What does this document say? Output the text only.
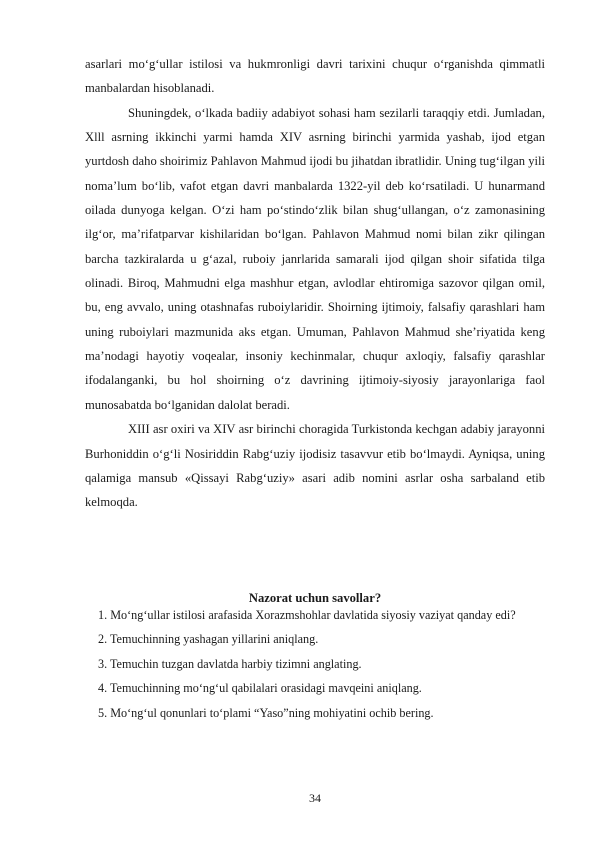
asarlari mo‘g‘ullar istilosi va hukmronligi davri tarixini chuqur o‘rganishda qimmatli manbalardan hisoblanadi.

Shuningdek, o‘lkada badiiy adabiyot sohasi ham sezilarli taraqqiy etdi. Jumladan, Xlll asrning ikkinchi yarmi hamda XIV asrning birinchi yarmida yashab, ijod etgan yurtdosh daho shoirimiz Pahlavon Mahmud ijodi bu jihatdan ibratlidir. Uning tug‘ilgan yili noma’lum bo‘lib, vafot etgan davri manbalarda 1322-yil deb ko‘rsatiladi. U hunarmand oilada dunyoga kelgan. O‘zi ham po‘stindo‘zlik bilan shug‘ullangan, o‘z zamonasining ilg‘or, ma’rifatparvar kishilaridan bo‘lgan. Pahlavon Mahmud nomi bilan zikr qilingan barcha tazkiralarda u g‘azal, ruboiy janrlarida samarali ijod qilgan shoir sifatida tilga olinadi. Biroq, Mahmudni elga mashhur etgan, avlodlar ehtiromiga sazovor qilgan omil, bu, eng avvalo, uning otashnafas ruboiylaridir. Shoirning ijtimoiy, falsafiy qarashlari ham uning ruboiylari mazmunida aks etgan. Umuman, Pahlavon Mahmud she’riyatida keng ma’nodagi hayotiy voqealar, insoniy kechinmalar, chuqur axloqiy, falsafiy qarashlar ifodalanganki, bu hol shoirning o‘z davrining ijtimoiy-siyosiy jarayonlariga faol munosabatda bo‘lganidan dalolat beradi.

XIII asr oxiri va XIV asr birinchi choragida Turkistonda kechgan adabiy jarayonni Burhoniddin o‘g‘li Nosiriddin Rabg‘uziy ijodisiz tasavvur etib bo‘lmaydi. Ayniqsa, uning qalamiga mansub «Qissayi Rabg‘uziy» asari adib nomini asrlar osha sarbaland etib kelmoqda.

Nazorat uchun savollar?
1. Mo‘ng‘ullar istilosi arafasida Xorazmshohlar davlatida siyosiy vaziyat qanday edi?
2. Temuchinning yashagan yillarini aniqlang.
3. Temuchin tuzgan davlatda harbiy tizimni anglating.
4. Temuchinning mo‘ng‘ul qabilalari orasidagi mavqeini aniqlang.
5. Mo‘ng‘ul qonunlari to‘plami “Yaso”ning mohiyatini ochib bering.
34
